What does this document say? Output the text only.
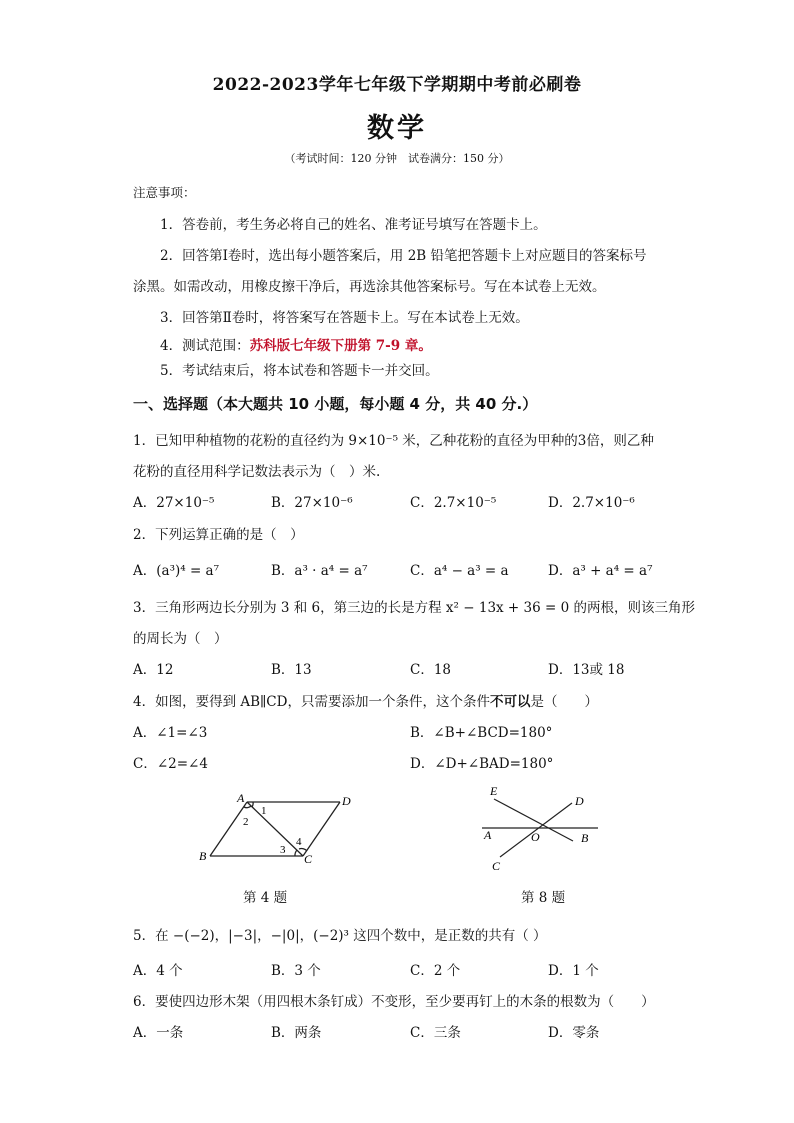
2022-2023学年七年级下学期期中考前必刷卷
数学
（考试时间：120 分钟　试卷满分：150 分）
注意事项：
1．答卷前，考生务必将自己的姓名、准考证号填写在答题卡上。
2．回答第Ⅰ卷时，选出每小题答案后，用 2B 铅笔把答题卡上对应题目的答案标号
涂黑。如需改动，用橡皮擦干净后，再选涂其他答案标号。写在本试卷上无效。
3．回答第Ⅱ卷时，将答案写在答题卡上。写在本试卷上无效。
4．测试范围：苏科版七年级下册第 7-9 章。
5．考试结束后，将本试卷和答题卡一并交回。
一、选择题（本大题共 10 小题，每小题 4 分，共 40 分.）
1．已知甲种植物的花粉的直径约为 9×10⁻⁵ 米，乙种花粉的直径为甲种的3倍，则乙种
花粉的直径用科学记数法表示为（　）米.
A．27×10⁻⁵	B．27×10⁻⁶	C．2.7×10⁻⁵	D．2.7×10⁻⁶
2．下列运算正确的是（　）
A．(a³)⁴ = a⁷	B．a³ · a⁴ = a⁷	C．a⁴ − a³ = a	D．a³ + a⁴ = a⁷
3．三角形两边长分别为 3 和 6，第三边的长是方程 x² − 13x + 36 = 0 的两根，则该三角形
的周长为（　）
A．12	B．13	C．18	D．13或 18
4．如图，要得到 AB∥CD，只需要添加一个条件，这个条件不可以是（　　）
A．∠1=∠3	B．∠B+∠BCD=180°
C．∠2=∠4	D．∠D+∠BAD=180°
A	D
B	C
1
2
3
4
第 4 题
E
D
A	O	B
C
第 8 题
5．在 −(−2)，|−3|，−|0|，(−2)³ 这四个数中，是正数的共有（ ）
A．4 个	B．3 个	C．2 个	D．1 个
6．要使四边形木架（用四根木条钉成）不变形，至少要再钉上的木条的根数为（　　）
A．一条	B．两条	C．三条	D．零条
